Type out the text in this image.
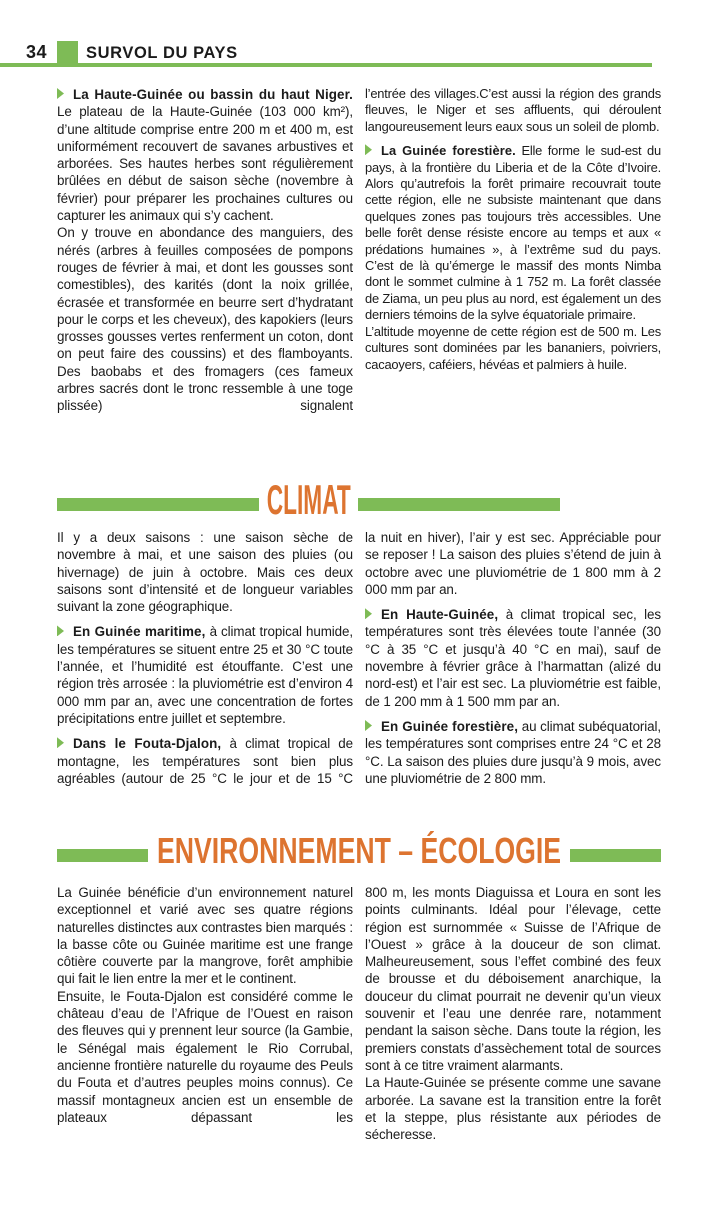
34 SURVOL DU PAYS

La Haute-Guinée ou bassin du haut Niger. Le plateau de la Haute-Guinée (103 000 km²), d’une altitude comprise entre 200 m et 400 m, est uniformément recouvert de savanes arbustives et arborées. Ses hautes herbes sont régulièrement brûlées en début de saison sèche (novembre à février) pour préparer les prochaines cultures ou capturer les animaux qui s’y cachent.

On y trouve en abondance des manguiers, des nérés (arbres à feuilles composées de pompons rouges de février à mai, et dont les gousses sont comestibles), des karités (dont la noix grillée, écrasée et transformée en beurre sert d’hydratant pour le corps et les cheveux), des kapokiers (leurs grosses gousses vertes renferment un coton, dont on peut faire des coussins) et des flamboyants. Des baobabs et des fromagers (ces fameux arbres sacrés dont le tronc ressemble à une toge plissée) signalent

l’entrée des villages.C’est aussi la région des grands fleuves, le Niger et ses affluents, qui déroulent langoureusement leurs eaux sous un soleil de plomb.

La Guinée forestière. Elle forme le sud-est du pays, à la frontière du Liberia et de la Côte d’Ivoire. Alors qu’autrefois la forêt primaire recouvrait toute cette région, elle ne subsiste maintenant que dans quelques zones pas toujours très accessibles. Une belle forêt dense résiste encore au temps et aux « prédations humaines », à l’extrême sud du pays. C’est de là qu’émerge le massif des monts Nimba dont le sommet culmine à 1 752 m. La forêt classée de Ziama, un peu plus au nord, est également un des derniers témoins de la sylve équatoriale primaire.

L’altitude moyenne de cette région est de 500 m. Les cultures sont dominées par les bananiers, poivriers, cacaoyers, caféiers, hévéas et palmiers à huile.

CLIMAT

Il y a deux saisons : une saison sèche de novembre à mai, et une saison des pluies (ou hivernage) de juin à octobre. Mais ces deux saisons sont d’intensité et de longueur variables suivant la zone géographique.

En Guinée maritime, à climat tropical humide, les températures se situent entre 25 et 30 °C toute l’année, et l’humidité est étouffante. C’est une région très arrosée : la pluviométrie est d’environ 4 000 mm par an, avec une concentration de fortes précipitations entre juillet et septembre.

Dans le Fouta-Djalon, à climat tropical de montagne, les températures sont bien plus agréables (autour de 25 °C le jour et de 15 °C

la nuit en hiver), l’air y est sec. Appréciable pour se reposer ! La saison des pluies s’étend de juin à octobre avec une pluviométrie de 1 800 mm à 2 000 mm par an.

En Haute-Guinée, à climat tropical sec, les températures sont très élevées toute l’année (30 °C à 35 °C et jusqu’à 40 °C en mai), sauf de novembre à février grâce à l’harmattan (alizé du nord-est) et l’air est sec. La pluviométrie est faible, de 1 200 mm à 1 500 mm par an.

En Guinée forestière, au climat subéquatorial, les températures sont comprises entre 24 °C et 28 °C. La saison des pluies dure jusqu’à 9 mois, avec une pluviométrie de 2 800 mm.

ENVIRONNEMENT – ÉCOLOGIE

La Guinée bénéficie d’un environnement naturel exceptionnel et varié avec ses quatre régions naturelles distinctes aux contrastes bien marqués : la basse côte ou Guinée maritime est une frange côtière couverte par la mangrove, forêt amphibie qui fait le lien entre la mer et le continent.

Ensuite, le Fouta-Djalon est considéré comme le château d’eau de l’Afrique de l’Ouest en raison des fleuves qui y prennent leur source (la Gambie, le Sénégal mais également le Rio Corrubal, ancienne frontière naturelle du royaume des Peuls du Fouta et d’autres peuples moins connus). Ce massif montagneux ancien est un ensemble de plateaux dépassant les

800 m, les monts Diaguissa et Loura en sont les points culminants. Idéal pour l’élevage, cette région est surnommée « Suisse de l’Afrique de l’Ouest » grâce à la douceur de son climat. Malheureusement, sous l’effet combiné des feux de brousse et du déboisement anarchique, la douceur du climat pourrait ne devenir qu’un vieux souvenir et l’eau une denrée rare, notamment pendant la saison sèche. Dans toute la région, les premiers constats d’assèchement total de sources sont à ce titre vraiment alarmants.

La Haute-Guinée se présente comme une savane arborée. La savane est la transition entre la forêt et la steppe, plus résistante aux périodes de sécheresse.
